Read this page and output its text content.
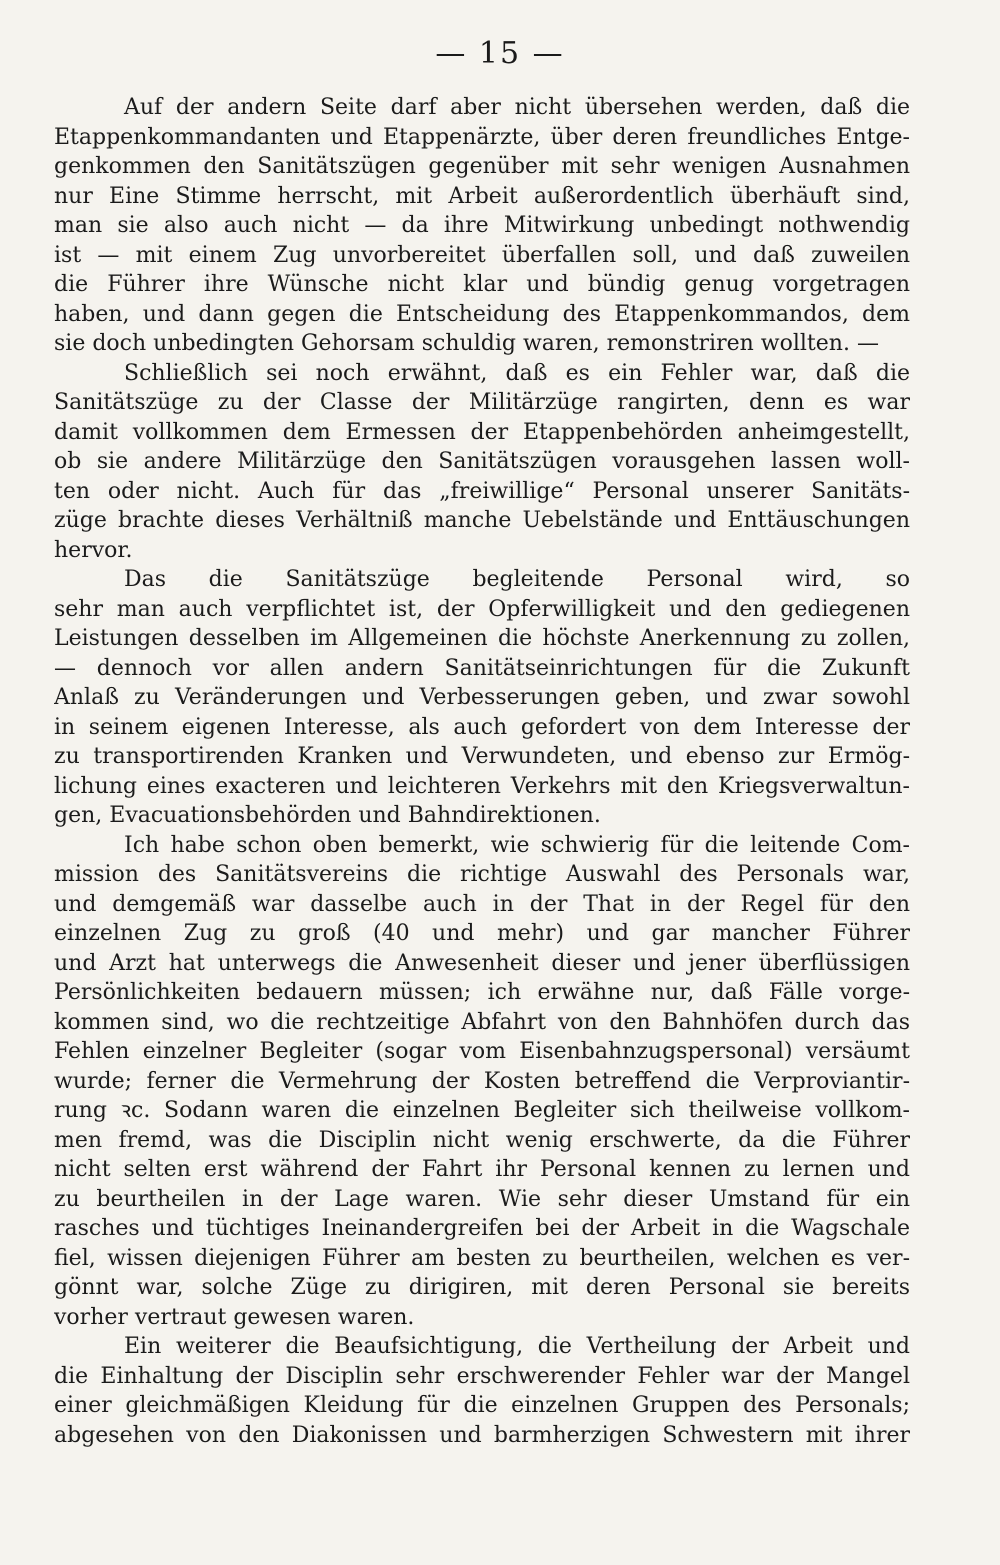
— 15 —
Auf der andern Seite darf aber nicht übersehen werden, daß die
Etappenkommandanten und Etappenärzte, über deren freundliches Entge-
genkommen den Sanitätszügen gegenüber mit sehr wenigen Ausnahmen
nur Eine Stimme herrscht, mit Arbeit außerordentlich überhäuft sind,
man sie also auch nicht — da ihre Mitwirkung unbedingt nothwendig
ist — mit einem Zug unvorbereitet überfallen soll, und daß zuweilen
die Führer ihre Wünsche nicht klar und bündig genug vorgetragen
haben, und dann gegen die Entscheidung des Etappenkommandos, dem
sie doch unbedingten Gehorsam schuldig waren, remonstriren wollten. —
Schließlich sei noch erwähnt, daß es ein Fehler war, daß die
Sanitätszüge zu der Classe der Militärzüge rangirten, denn es war
damit vollkommen dem Ermessen der Etappenbehörden anheimgestellt,
ob sie andere Militärzüge den Sanitätszügen vorausgehen lassen woll-
ten oder nicht. Auch für das „freiwillige“ Personal unserer Sanitäts-
züge brachte dieses Verhältniß manche Uebelstände und Enttäuschungen
hervor.
Das die Sanitätszüge begleitende Personal wird, so
sehr man auch verpflichtet ist, der Opferwilligkeit und den gediegenen
Leistungen desselben im Allgemeinen die höchste Anerkennung zu zollen,
— dennoch vor allen andern Sanitätseinrichtungen für die Zukunft
Anlaß zu Veränderungen und Verbesserungen geben, und zwar sowohl
in seinem eigenen Interesse, als auch gefordert von dem Interesse der
zu transportirenden Kranken und Verwundeten, und ebenso zur Ermög-
lichung eines exacteren und leichteren Verkehrs mit den Kriegsverwaltun-
gen, Evacuationsbehörden und Bahndirektionen.
Ich habe schon oben bemerkt, wie schwierig für die leitende Com-
mission des Sanitätsvereins die richtige Auswahl des Personals war,
und demgemäß war dasselbe auch in der That in der Regel für den
einzelnen Zug zu groß (40 und mehr) und gar mancher Führer
und Arzt hat unterwegs die Anwesenheit dieser und jener überflüssigen
Persönlichkeiten bedauern müssen; ich erwähne nur, daß Fälle vorge-
kommen sind, wo die rechtzeitige Abfahrt von den Bahnhöfen durch das
Fehlen einzelner Begleiter (sogar vom Eisenbahnzugspersonal) versäumt
wurde; ferner die Vermehrung der Kosten betreffend die Verproviantir-
rung ꝛc. Sodann waren die einzelnen Begleiter sich theilweise vollkom-
men fremd, was die Disciplin nicht wenig erschwerte, da die Führer
nicht selten erst während der Fahrt ihr Personal kennen zu lernen und
zu beurtheilen in der Lage waren. Wie sehr dieser Umstand für ein
rasches und tüchtiges Ineinandergreifen bei der Arbeit in die Wagschale
fiel, wissen diejenigen Führer am besten zu beurtheilen, welchen es ver-
gönnt war, solche Züge zu dirigiren, mit deren Personal sie bereits
vorher vertraut gewesen waren.
Ein weiterer die Beaufsichtigung, die Vertheilung der Arbeit und
die Einhaltung der Disciplin sehr erschwerender Fehler war der Mangel
einer gleichmäßigen Kleidung für die einzelnen Gruppen des Personals;
abgesehen von den Diakonissen und barmherzigen Schwestern mit ihrer
